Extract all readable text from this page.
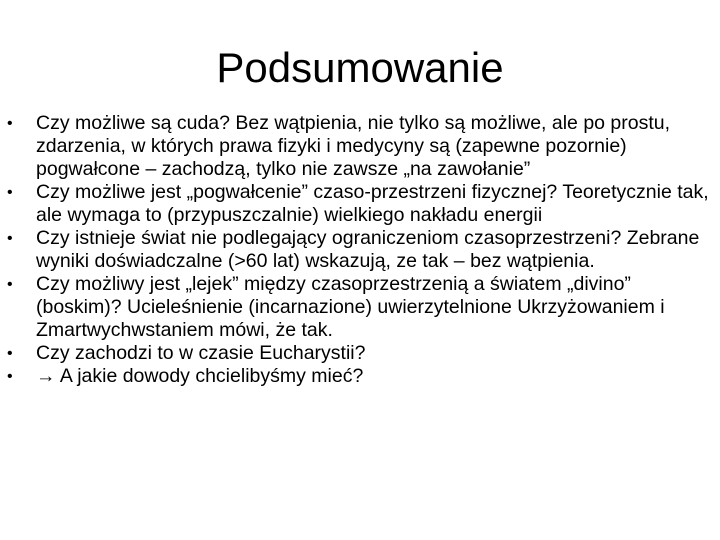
Podsumowanie
• Czy możliwe są cuda? Bez wątpienia, nie tylko są możliwe, ale po prostu, zdarzenia, w których prawa fizyki i medycyny są (zapewne pozornie) pogwałcone – zachodzą, tylko nie zawsze „na zawołanie”
• Czy możliwe jest „pogwałcenie” czaso-przestrzeni fizycznej? Teoretycznie tak, ale wymaga to (przypuszczalnie) wielkiego nakładu energii
• Czy istnieje świat nie podlegający ograniczeniom czasoprzestrzeni? Zebrane wyniki doświadczalne (>60 lat) wskazują, ze tak – bez wątpienia.
• Czy możliwy jest „lejek” między czasoprzestrzenią a światem „divino” (boskim)? Ucieleśnienie (incarnazione) uwierzytelnione Ukrzyżowaniem i Zmartwychwstaniem mówi, że tak.
• Czy zachodzi to w czasie Eucharystii?
• → A jakie dowody chcielibyśmy mieć?
